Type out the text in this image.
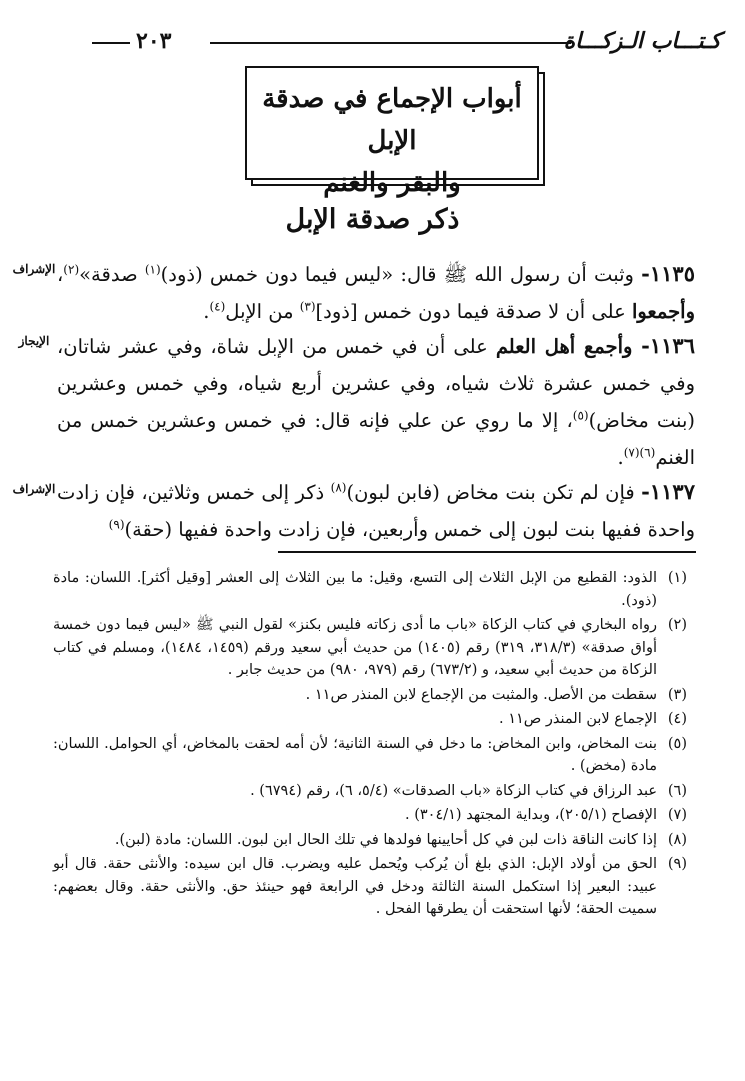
كـتـــاب الـزكـــاة
٢٠٣
أبواب الإجماع في صدقة الإبل
والبقر والغنم
ذكر صدقة الإبل
الإشراف	١١٣٥- وثبت أن رسول الله ﷺ قال: «ليس فيما دون خمس (ذود)$^{(١)}$ صدقة»$^{(٢)}$، وأجمعوا على أن لا صدقة فيما دون خمس [ذود]$^{(٣)}$ من الإبل$^{(٤)}$.
الإيجاز	١١٣٦- وأجمع أهل العلم على أن في خمس من الإبل شاة، وفي عشر شاتان، وفي خمس عشرة ثلاث شياه، وفي عشرين أربع شياه، وفي خمس وعشرين (بنت مخاض)$^{(٥)}$، إلا ما روي عن علي فإنه قال: في خمس وعشرين خمس من الغنم$^{(٦)(٧)}$.
الإشراف	١١٣٧- فإن لم تكن بنت مخاض (فابن لبون)$^{(٨)}$ ذكر إلى خمس وثلاثين، فإن زادت واحدة ففيها بنت لبون إلى خمس وأربعين، فإن زادت واحدة ففيها (حقة)$^{(٩)}$
(١)
الذود: القطيع من الإبل الثلاث إلى التسع، وقيل: ما بين الثلاث إلى العشر [وقيل أكثر]. اللسان: مادة (ذود).
(٢)
رواه البخاري في كتاب الزكاة «باب ما أدى زكاته فليس بكنز» لقول النبي ﷺ «ليس فيما دون خمسة أواق صدقة» (٣١٨/٣، ٣١٩) رقم (١٤٠٥) من حديث أبي سعيد ورقم (١٤٥٩، ١٤٨٤)، ومسلم في كتاب الزكاة من حديث أبي سعيد، و (٦٧٣/٢) رقم (٩٧٩، ٩٨٠) من حديث جابر .
(٣)
سقطت من الأصل. والمثبت من الإجماع لابن المنذر ص١١ .
(٤)
الإجماع لابن المنذر ص١١ .
(٥)
بنت المخاض، وابن المخاض: ما دخل في السنة الثانية؛ لأن أمه لحقت بالمخاض، أي الحوامل. اللسان: مادة (مخض) .
(٦)
عبد الرزاق في كتاب الزكاة «باب الصدقات» (٥/٤، ٦)، رقم (٦٧٩٤) .
(٧)
الإفصاح (٢٠٥/١)، وبداية المجتهد (٣٠٤/١) .
(٨)
إذا كانت الناقة ذات لبن في كل أحايينها فولدها في تلك الحال ابن لبون. اللسان: مادة (لبن).
(٩)
الحق من أولاد الإبل: الذي بلغ أن يُركب ويُحمل عليه ويضرب. قال ابن سيده: والأنثى حقة. قال أبو عبيد: البعير إذا استكمل السنة الثالثة ودخل في الرابعة فهو حينئذ حق. والأنثى حقة. وقال بعضهم: سميت الحقة؛ لأنها استحقت أن يطرقها الفحل .
